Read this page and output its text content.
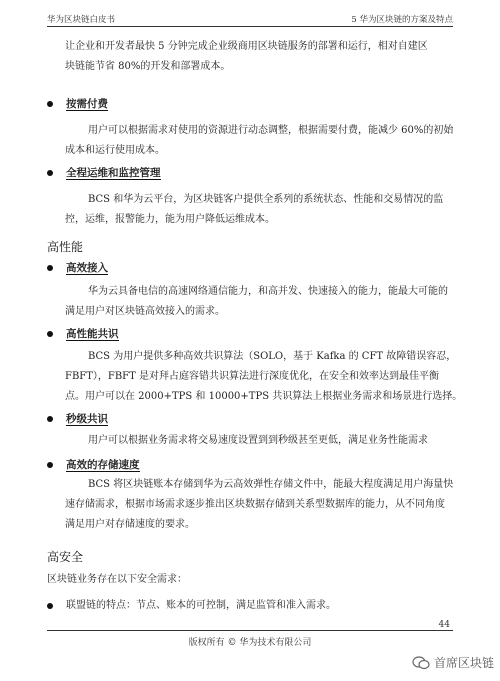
华为区块链白皮书	5 华为区块链的方案及特点
让企业和开发者最快 5 分钟完成企业级商用区块链服务的部署和运行，相对自建区
块链能节省 80%的开发和部署成本。
按需付费
用户可以根据需求对使用的资源进行动态调整，根据需要付费，能减少 60%的初始
成本和运行使用成本。
全程运维和监控管理
BCS 和华为云平台，为区块链客户提供全系列的系统状态、性能和交易情况的监
控，运维，报警能力，能为用户降低运维成本。
高性能
高效接入
华为云具备电信的高速网络通信能力，和高并发、快速接入的能力，能最大可能的
满足用户对区块链高效接入的需求。
高性能共识
BCS 为用户提供多种高效共识算法（SOLO，基于 Kafka 的 CFT 故障错误容忍，
FBFT），FBFT 是对拜占庭容错共识算法进行深度优化，在安全和效率达到最佳平衡
点。用户可以在 2000+TPS 和 10000+TPS 共识算法上根据业务需求和场景进行选择。
秒级共识
用户可以根据业务需求将交易速度设置到到秒级甚至更低，满足业务性能需求
高效的存储速度
BCS 将区块链账本存储到华为云高效弹性存储文件中，能最大程度满足用户海量快
速存储需求，根据市场需求逐步推出区块数据存储到关系型数据库的能力，从不同角度
满足用户对存储速度的要求。
高安全
区块链业务存在以下安全需求：
联盟链的特点：节点、账本的可控制，满足监管和准入需求。
44
版权所有 © 华为技术有限公司
首席区块链
